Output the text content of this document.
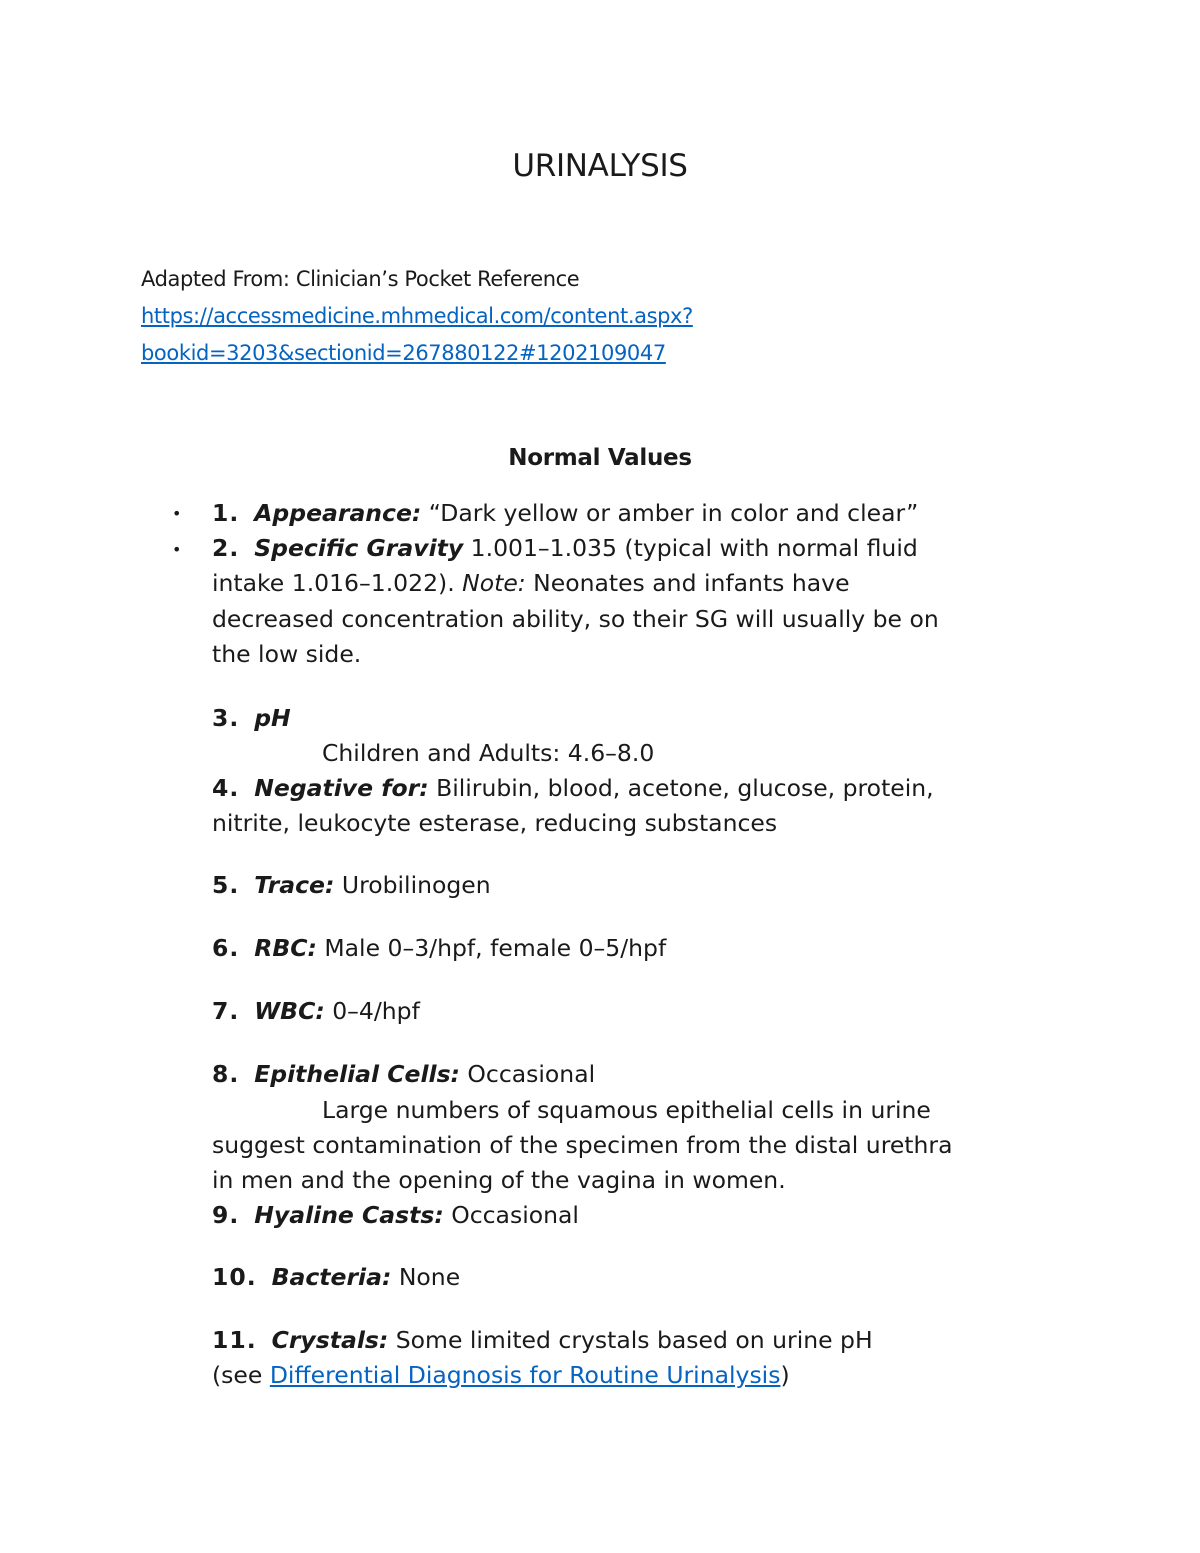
URINALYSIS
Adapted From: Clinician’s Pocket Reference
https://accessmedicine.mhmedical.com/content.aspx?
bookid=3203&sectionid=267880122#1202109047
Normal Values
•
•
1. Appearance: “Dark yellow or amber in color and clear”
2. Specific Gravity 1.001–1.035 (typical with normal fluid
intake 1.016–1.022). Note: Neonates and infants have
decreased concentration ability, so their SG will usually be on
the low side.
3. pH
Children and Adults: 4.6–8.0
4. Negative for: Bilirubin, blood, acetone, glucose, protein,
nitrite, leukocyte esterase, reducing substances
5. Trace: Urobilinogen
6. RBC: Male 0–3/hpf, female 0–5/hpf
7. WBC: 0–4/hpf
8. Epithelial Cells: Occasional
Large numbers of squamous epithelial cells in urine
suggest contamination of the specimen from the distal urethra
in men and the opening of the vagina in women.
9. Hyaline Casts: Occasional
10. Bacteria: None
11. Crystals: Some limited crystals based on urine pH
(see Differential Diagnosis for Routine Urinalysis)
